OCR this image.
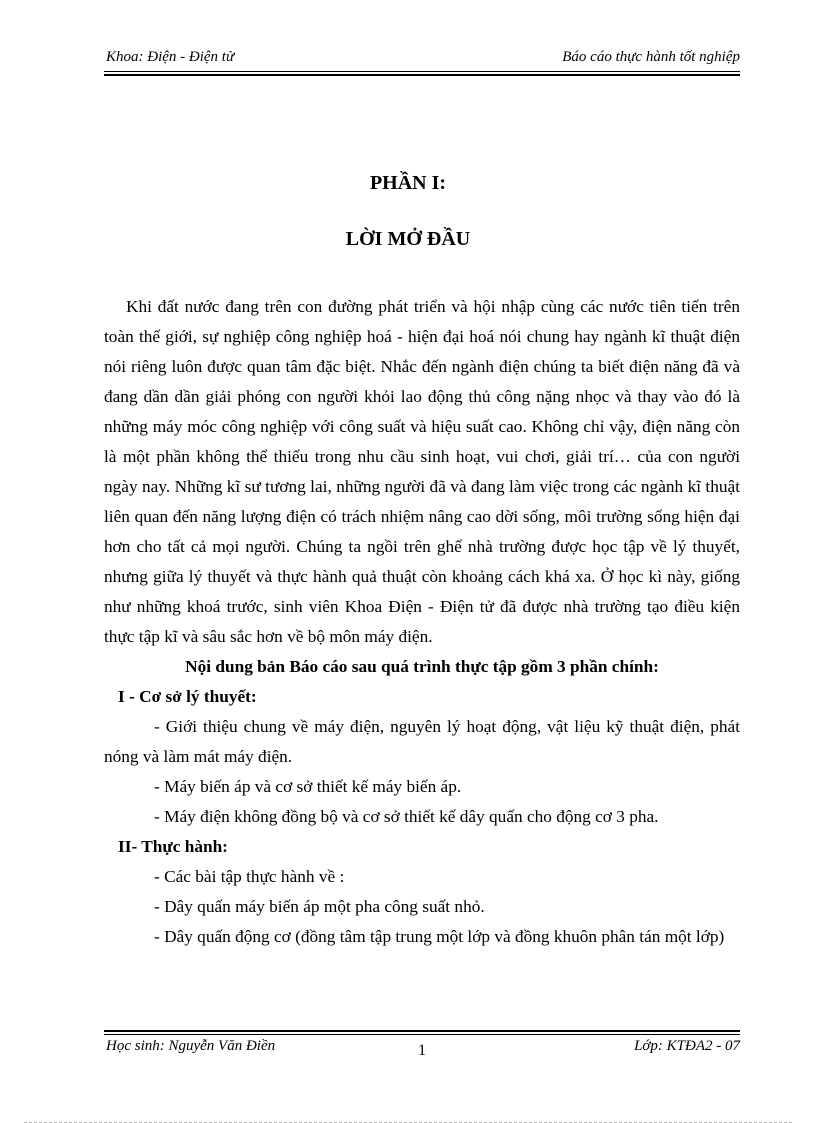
Khoa: Điện - Điện tử	Báo cáo thực hành tốt nghiệp
PHẦN I:
LỜI MỞ ĐẦU

Khi đất nước đang trên con đường phát triển và hội nhập cùng các nước tiên tiến trên toàn thế giới, sự nghiệp công nghiệp hoá - hiện đại hoá nói chung hay ngành kĩ thuật điện nói riêng luôn được quan tâm đặc biệt. Nhắc đến ngành điện chúng ta biết điện năng đã và đang dần dần giải phóng con người khỏi lao động thủ công nặng nhọc và thay vào đó là những máy móc công nghiệp với công suất và hiệu suất cao. Không chỉ vậy, điện năng còn là một phần không thể thiếu trong nhu cầu sinh hoạt, vui chơi, giải trí… của con người ngày nay. Những kĩ sư tương lai, những người đã và đang làm việc trong các ngành kĩ thuật liên quan đến năng lượng điện có trách nhiệm nâng cao dời sống, môi trường sống hiện đại hơn cho tất cả mọi người. Chúng ta ngồi trên ghế nhà trường được học tập về lý thuyết, nhưng giữa lý thuyết và thực hành quả thuật còn khoảng cách khá xa. Ở học kì này, giống như những khoá trước, sinh viên Khoa Điện - Điện tử đã được nhà trường tạo điều kiện thực tập kĩ và sâu sắc hơn về bộ môn máy điện.

Nội dung bản Báo cáo sau quá trình thực tập gồm 3 phần chính:

I - Cơ sở lý thuyết:

- Giới thiệu chung về máy điện, nguyên lý hoạt động, vật liệu kỹ thuật điện, phát nóng và làm mát máy điện.

- Máy biến áp và cơ sở thiết kế máy biến áp.

- Máy điện không đồng bộ và cơ sở thiết kế dây quấn cho động cơ 3 pha.

II- Thực hành:

- Các bài tập thực hành về :

- Dây quấn máy biến áp một pha công suất nhỏ.

- Dây quấn động cơ (đồng tâm tập trung một lớp và đồng khuôn phân tán một lớp)

Học sinh: Nguyễn Văn Điền	1	Lớp: KTĐA2 - 07
